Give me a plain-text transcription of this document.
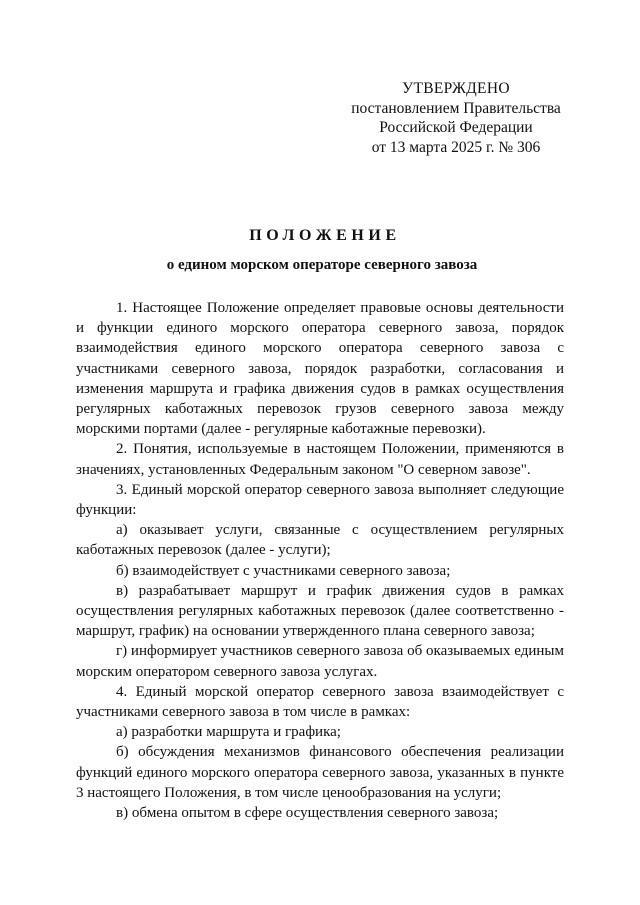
УТВЕРЖДЕНО
постановлением Правительства
Российской Федерации
от 13 марта 2025 г. № 306
ПОЛОЖЕНИЕ
о едином морском операторе северного завоза

1. Настоящее Положение определяет правовые основы деятельности и функции единого морского оператора северного завоза, порядок взаимодействия единого морского оператора северного завоза с участниками северного завоза, порядок разработки, согласования и изменения маршрута и графика движения судов в рамках осуществления регулярных каботажных перевозок грузов северного завоза между морскими портами (далее - регулярные каботажные перевозки).

2. Понятия, используемые в настоящем Положении, применяются в значениях, установленных Федеральным законом "О северном завозе".

3. Единый морской оператор северного завоза выполняет следующие функции:

а) оказывает услуги, связанные с осуществлением регулярных каботажных перевозок (далее - услуги);

б) взаимодействует с участниками северного завоза;

в) разрабатывает маршрут и график движения судов в рамках осуществления регулярных каботажных перевозок (далее соответственно - маршрут, график) на основании утвержденного плана северного завоза;

г) информирует участников северного завоза об оказываемых единым морским оператором северного завоза услугах.

4. Единый морской оператор северного завоза взаимодействует с участниками северного завоза в том числе в рамках:

а) разработки маршрута и графика;

б) обсуждения механизмов финансового обеспечения реализации функций единого морского оператора северного завоза, указанных в пункте 3 настоящего Положения, в том числе ценообразования на услуги;

в) обмена опытом в сфере осуществления северного завоза;
